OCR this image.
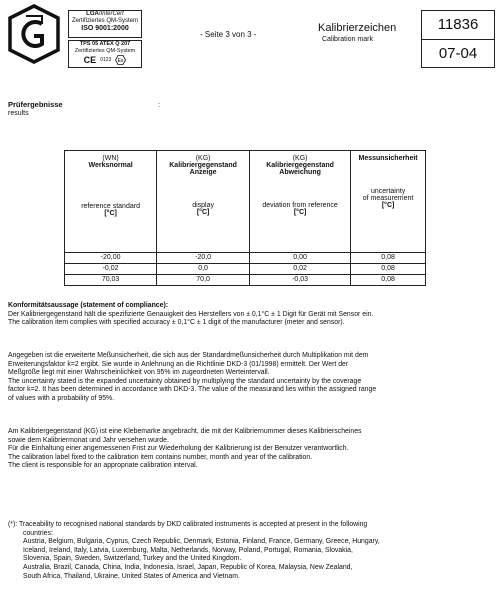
LGA/InterCert
Zertifiziertes QM-System
ISO 9001:2000
TPS 05 ATEX Q 207
Zertifiziertes QM-System
CE 0123 Ex
- Seite 3 von 3 -
Kalibrierzeichen
Calibration mark
11836
07-04
Prüfergebnisse	:
results
(WN)
Werksnormal
reference standard
[°C]	(KG)
Kalibriergegenstand
Anzeige
display
[°C]	(KG)
Kalibriergegenstand
Abweichung
deviation from reference
[°C]	Messunsicherheit
uncertainty
of measurement
[°C]

-20,00	-20,0	0,00	0,08
-0,02	0,0	0,02	0,08
70,03	70,0	-0,03	0,08
Konformitätsaussage (statement of compliance):
Der Kalibriergegenstand hält die spezifizierte Genauigkeit des Herstellers von ± 0,1°C ± 1 Digit für Gerät mit Sensor ein.
The calibration item complies with specified accuracy ± 0,1°C ± 1 digit of the manufacturer (meter and sensor).
Angegeben ist die erweiterte Meßunsicherheit, die sich aus der Standardmeßunsicherheit durch Multiplikation mit dem
Erweiterungsfaktor k=2 ergibt. Sie wurde in Anlehnung an die Richtlinie DKD-3 (01/1998) ermittelt. Der Wert der
Meßgröße liegt mit einer Wahrscheinlichkeit von 95% im zugeordneten Werteintervall.
The uncertainty stated is the expanded uncertainty obtained by multiplying the standard uncertainty by the coverage
factor k=2. It has been determined in accordance with DKD-3. The value of the measurand lies within the assigned range
of values with a probability of 95%.
Am Kalibriergegenstand (KG) ist eine Klebemarke angebracht, die mit der Kalibriernummer dieses Kalibrierscheines
sowie dem Kalibriermonat und Jahr versehen wurde.
Für die Einhaltung einer angemessenen Frist zur Wiederholung der Kalibrierung ist der Benutzer verantwortlich.
The calibration label fixed to the calibration item contains number, month and year of the calibration.
The client is responsible for an appropriate calibration interval.
(*): Traceability to recognised national standards by DKD calibrated instruments is accepted at present in the following
countries:
Austria, Belgium, Bulgaria, Cyprus, Czech Republic, Denmark, Estonia, Finland, France, Germany, Greece, Hungary,
Iceland, Ireland, Italy, Latvia, Luxemburg, Malta, Netherlands, Norway, Poland, Portugal, Romania, Slovakia,
Slovenia, Spain, Sweden, Switzerland, Turkey and the United Kingdom.
Australia, Brazil, Canada, China, India, Indonesia, Israel, Japan, Republic of Korea, Malaysia, New Zealand,
South Africa, Thailand, Ukraine, United States of America and Vietnam.
